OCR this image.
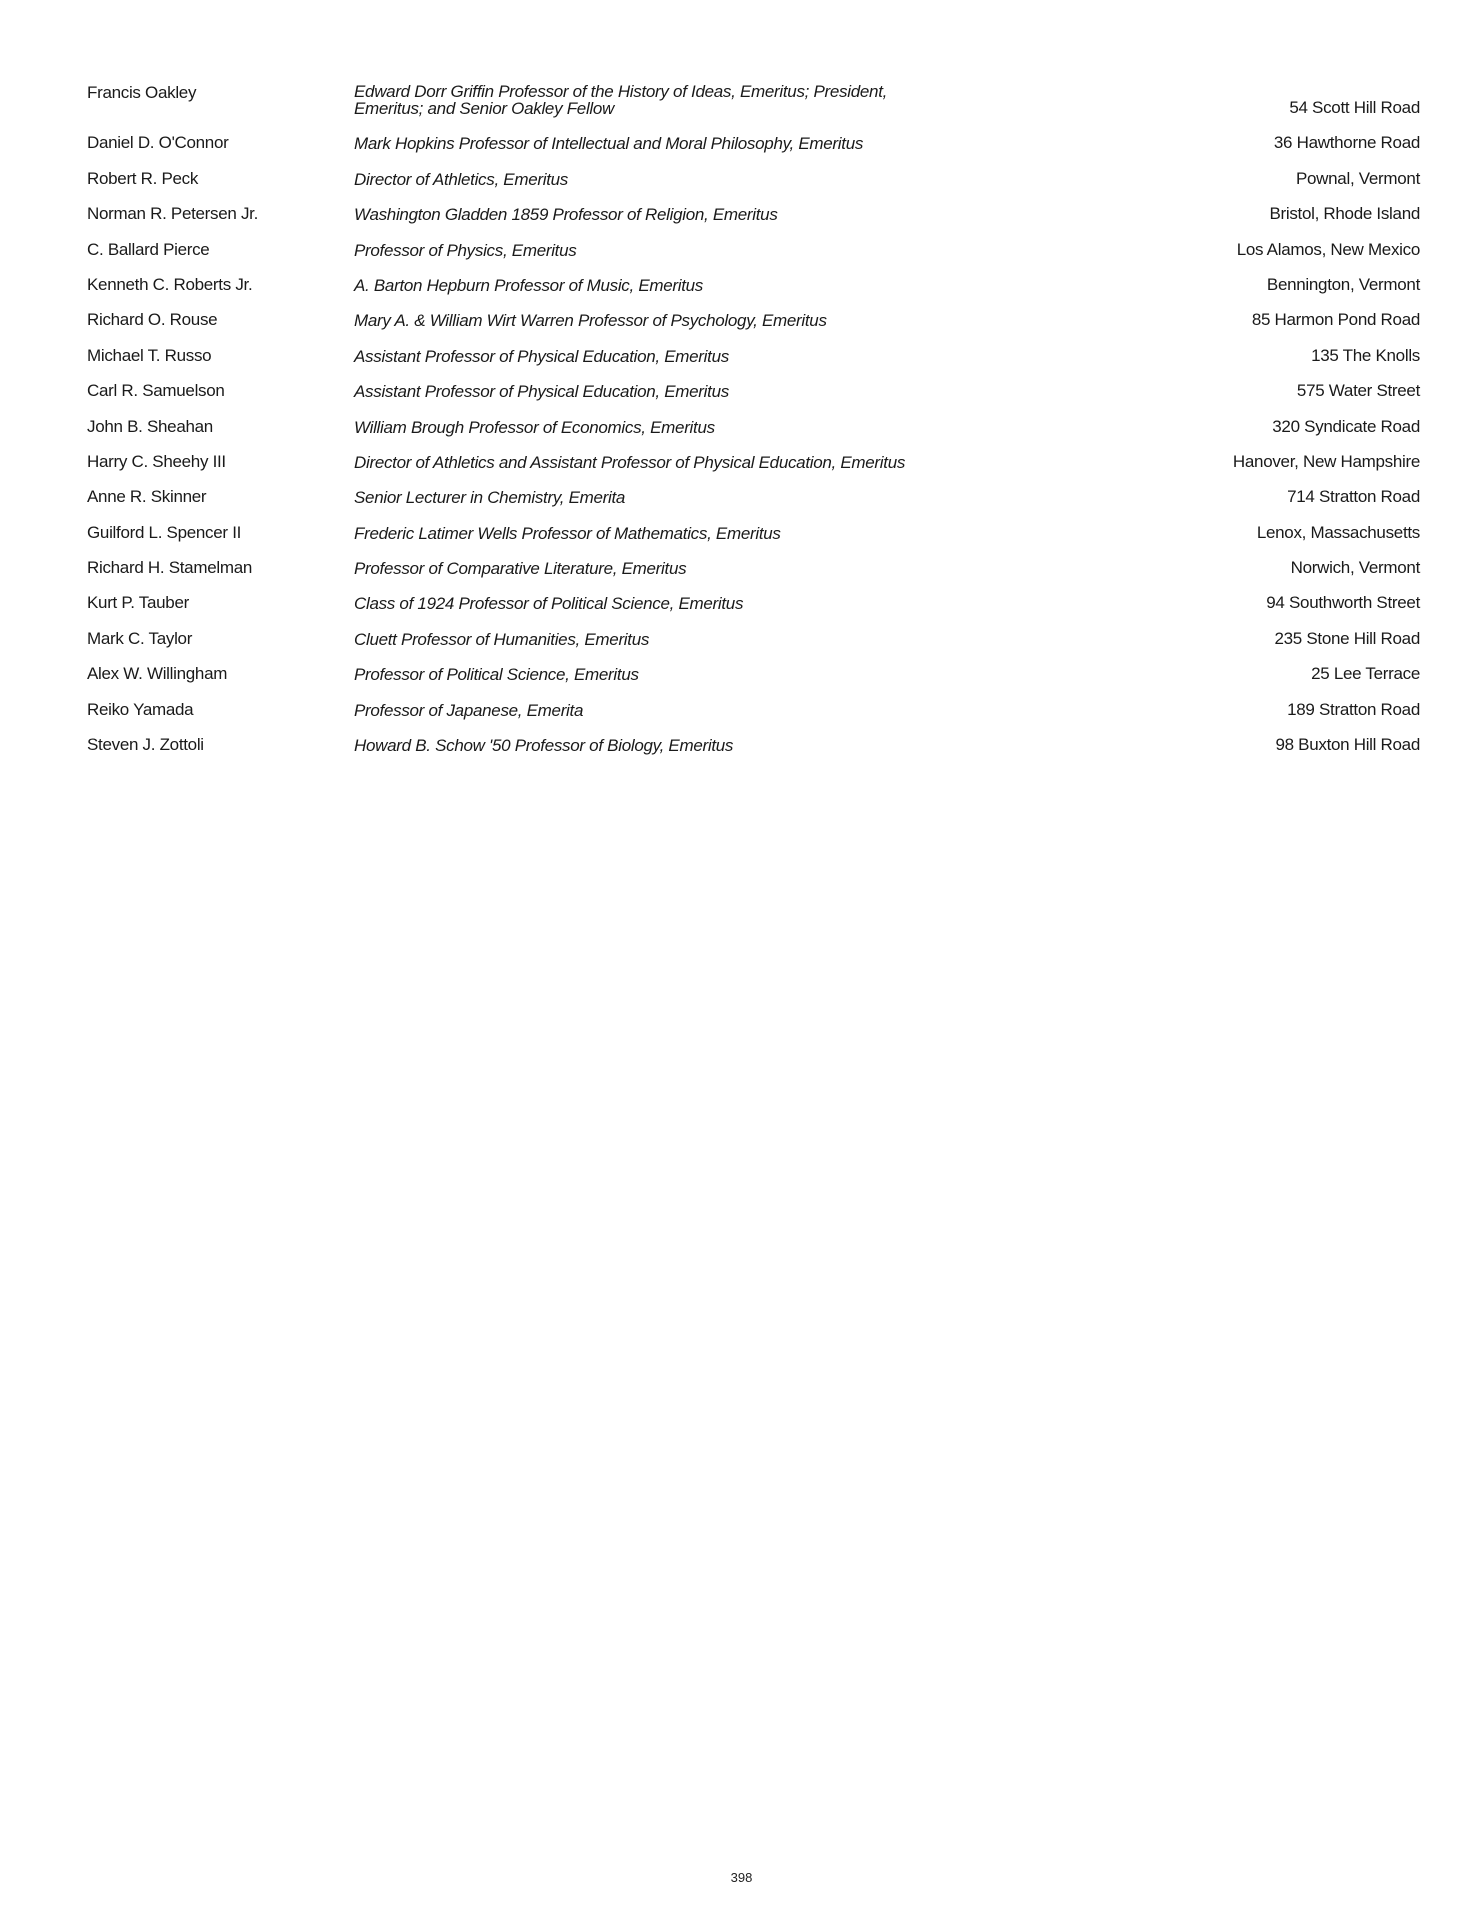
Francis Oakley	Edward Dorr Griffin Professor of the History of Ideas, Emeritus; President, Emeritus; and Senior Oakley Fellow	54 Scott Hill Road
Daniel D. O'Connor	Mark Hopkins Professor of Intellectual and Moral Philosophy, Emeritus	36 Hawthorne Road
Robert R. Peck	Director of Athletics, Emeritus	Pownal, Vermont
Norman R. Petersen Jr.	Washington Gladden 1859 Professor of Religion, Emeritus	Bristol, Rhode Island
C. Ballard Pierce	Professor of Physics, Emeritus	Los Alamos, New Mexico
Kenneth C. Roberts Jr.	A. Barton Hepburn Professor of Music, Emeritus	Bennington, Vermont
Richard O. Rouse	Mary A. & William Wirt Warren Professor of Psychology, Emeritus	85 Harmon Pond Road
Michael T. Russo	Assistant Professor of Physical Education, Emeritus	135 The Knolls
Carl R. Samuelson	Assistant Professor of Physical Education, Emeritus	575 Water Street
John B. Sheahan	William Brough Professor of Economics, Emeritus	320 Syndicate Road
Harry C. Sheehy III	Director of Athletics and Assistant Professor of Physical Education, Emeritus	Hanover, New Hampshire
Anne R. Skinner	Senior Lecturer in Chemistry, Emerita	714 Stratton Road
Guilford L. Spencer II	Frederic Latimer Wells Professor of Mathematics, Emeritus	Lenox, Massachusetts
Richard H. Stamelman	Professor of Comparative Literature, Emeritus	Norwich, Vermont
Kurt P. Tauber	Class of 1924 Professor of Political Science, Emeritus	94 Southworth Street
Mark C. Taylor	Cluett Professor of Humanities, Emeritus	235 Stone Hill Road
Alex W. Willingham	Professor of Political Science, Emeritus	25 Lee Terrace
Reiko Yamada	Professor of Japanese, Emerita	189 Stratton Road
Steven J. Zottoli	Howard B. Schow '50 Professor of Biology, Emeritus	98 Buxton Hill Road
398
